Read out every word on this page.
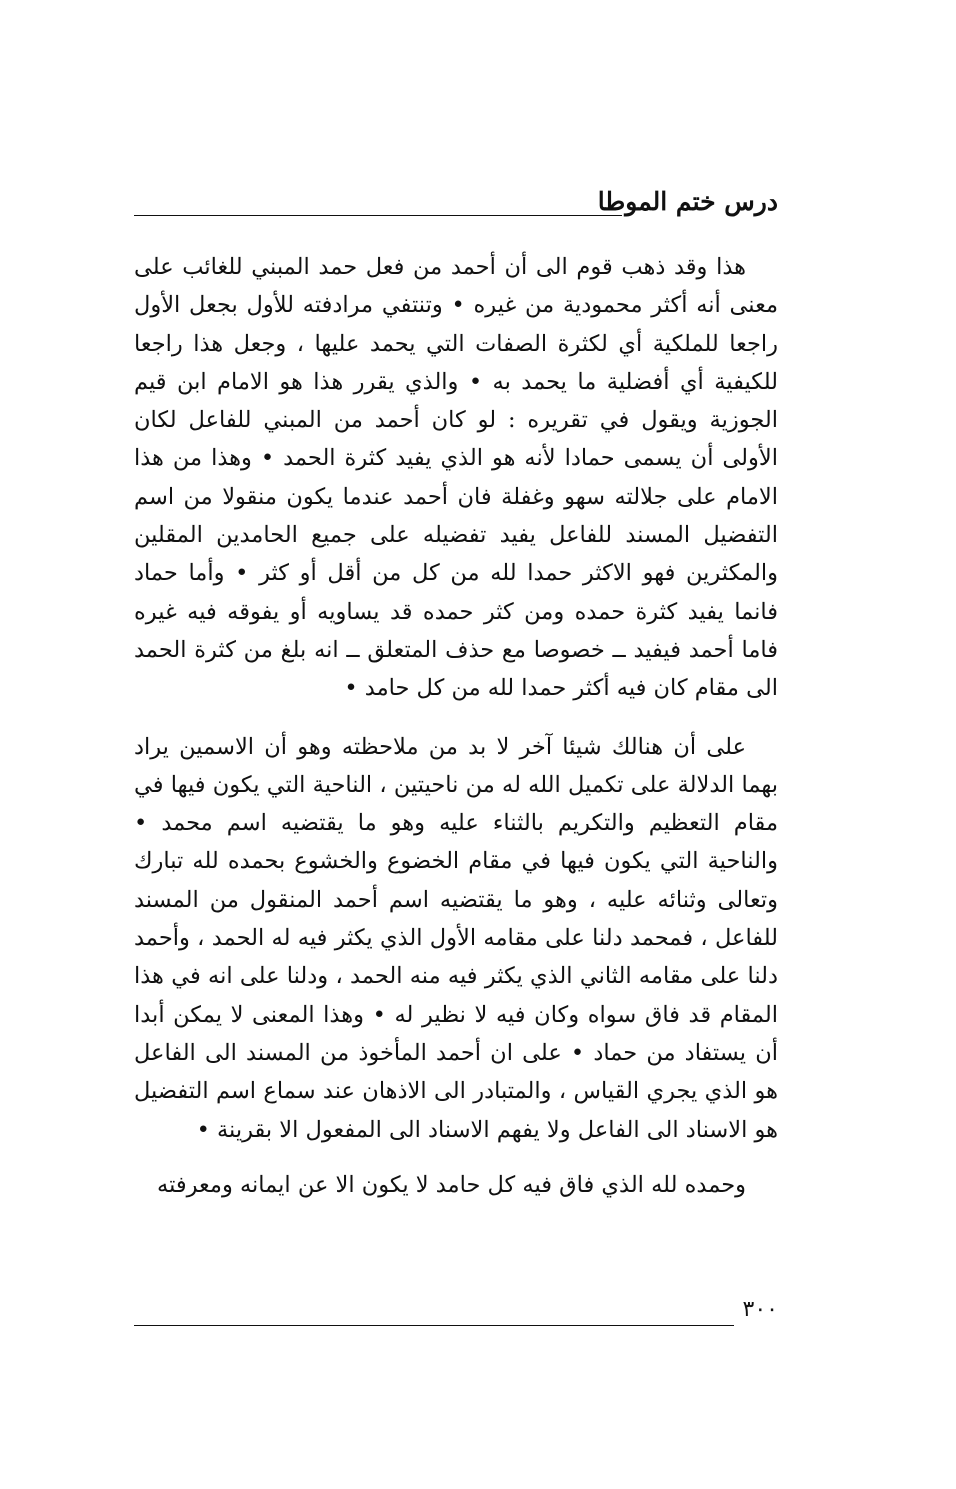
درس ختم الموطا

هذا وقد ذهب قوم الى أن أحمد من فعل حمد المبني للغائب على معنى أنه أكثر محمودية من غيره • وتنتفي مرادفته للأول بجعل الأول راجعا للملكية أي لكثرة الصفات التي يحمد عليها ، وجعل هذا راجعا للكيفية أي أفضلية ما يحمد به • والذي يقرر هذا هو الامام ابن قيم الجوزية ويقول في تقريره : لو كان أحمد من المبني للفاعل لكان الأولى أن يسمى حمادا لأنه هو الذي يفيد كثرة الحمد • وهذا من هذا الامام على جلالته سهو وغفلة فان أحمد عندما يكون منقولا من اسم التفضيل المسند للفاعل يفيد تفضيله على جميع الحامدين المقلين والمكثرين فهو الاكثر حمدا لله من كل من أقل أو كثر • وأما حماد فانما يفيد كثرة حمده ومن كثر حمده قد يساويه أو يفوقه فيه غيره فاما أحمد فيفيد ــ خصوصا مع حذف المتعلق ــ انه بلغ من كثرة الحمد الى مقام كان فيه أكثر حمدا لله من كل حامد •

على أن هنالك شيئا آخر لا بد من ملاحظته وهو أن الاسمين يراد بهما الدلالة على تكميل الله له من ناحيتين ، الناحية التي يكون فيها في مقام التعظيم والتكريم بالثناء عليه وهو ما يقتضيه اسم محمد • والناحية التي يكون فيها في مقام الخضوع والخشوع بحمده لله تبارك وتعالى وثنائه عليه ، وهو ما يقتضيه اسم أحمد المنقول من المسند للفاعل ، فمحمد دلنا على مقامه الأول الذي يكثر فيه له الحمد ، وأحمد دلنا على مقامه الثاني الذي يكثر فيه منه الحمد ، ودلنا على انه في هذا المقام قد فاق سواه وكان فيه لا نظير له • وهذا المعنى لا يمكن أبدا أن يستفاد من حماد • على ان أحمد المأخوذ من المسند الى الفاعل هو الذي يجري القياس ، والمتبادر الى الاذهان عند سماع اسم التفضيل هو الاسناد الى الفاعل ولا يفهم الاسناد الى المفعول الا بقرينة •

وحمده لله الذي فاق فيه كل حامد لا يكون الا عن ايمانه ومعرفته

٣٠٠
